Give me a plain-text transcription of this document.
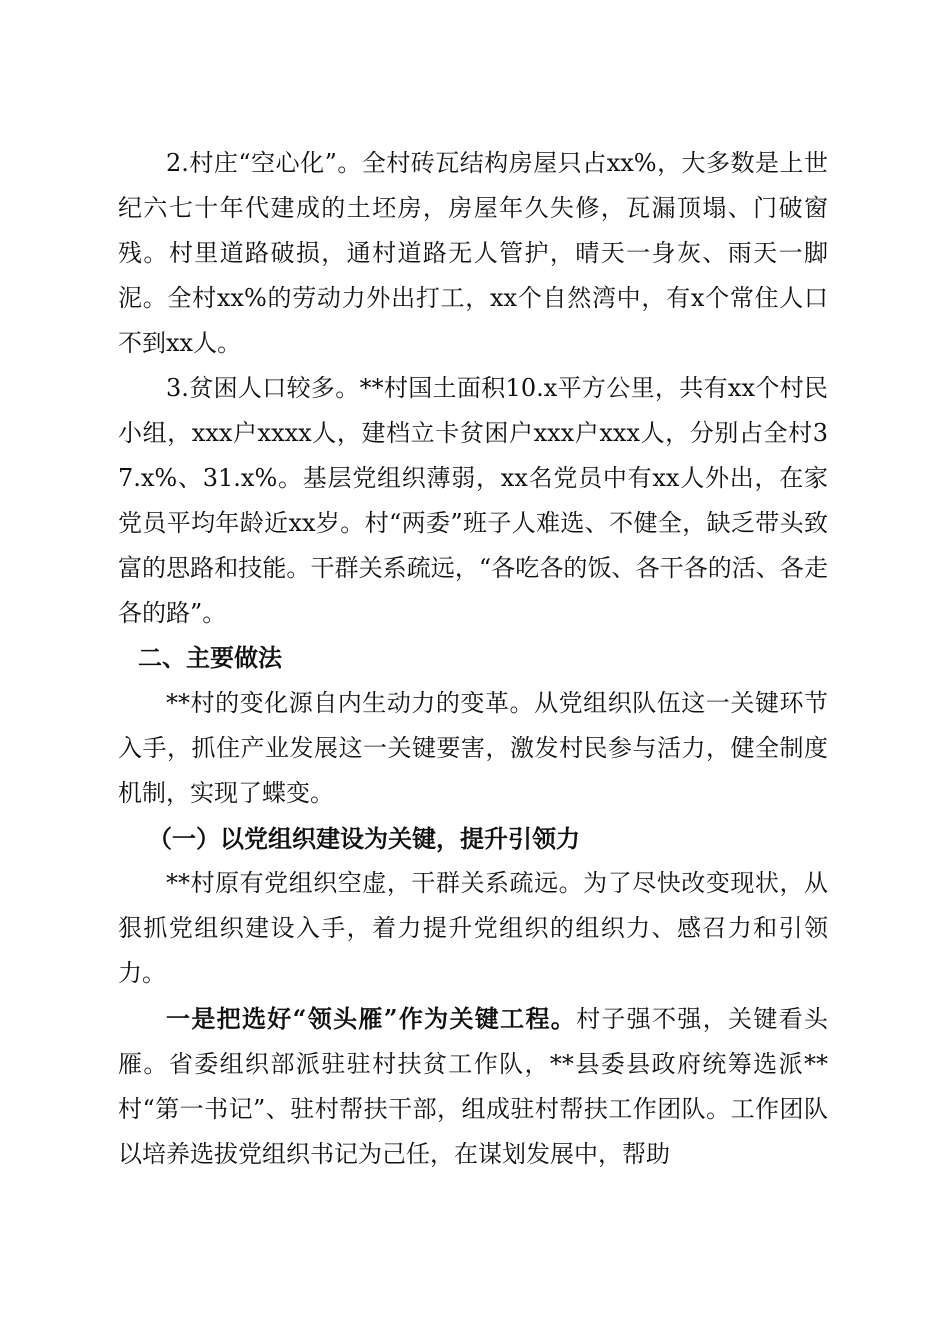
2.村庄“空心化”。全村砖瓦结构房屋只占xx%，大多数是上世纪六七十年代建成的土坯房，房屋年久失修，瓦漏顶塌、门破窗残。村里道路破损，通村道路无人管护，晴天一身灰、雨天一脚泥。全村xx%的劳动力外出打工，xx个自然湾中，有x个常住人口不到xx人。

3.贫困人口较多。**村国土面积10.x平方公里，共有xx个村民小组，xxx户xxxx人，建档立卡贫困户xxx户xxx人，分别占全村37.x%、31.x%。基层党组织薄弱，xx名党员中有xx人外出，在家党员平均年龄近xx岁。村“两委”班子人难选、不健全，缺乏带头致富的思路和技能。干群关系疏远，“各吃各的饭、各干各的活、各走各的路”。

二、主要做法

**村的变化源自内生动力的变革。从党组织队伍这一关键环节入手，抓住产业发展这一关键要害，激发村民参与活力，健全制度机制，实现了蝶变。

（一）以党组织建设为关键，提升引领力

**村原有党组织空虚，干群关系疏远。为了尽快改变现状，从狠抓党组织建设入手，着力提升党组织的组织力、感召力和引领力。

一是把选好“领头雁”作为关键工程。村子强不强，关键看头雁。省委组织部派驻驻村扶贫工作队，**县委县政府统筹选派**村“第一书记”、驻村帮扶干部，组成驻村帮扶工作团队。工作团队以培养选拔党组织书记为己任，在谋划发展中，帮助
